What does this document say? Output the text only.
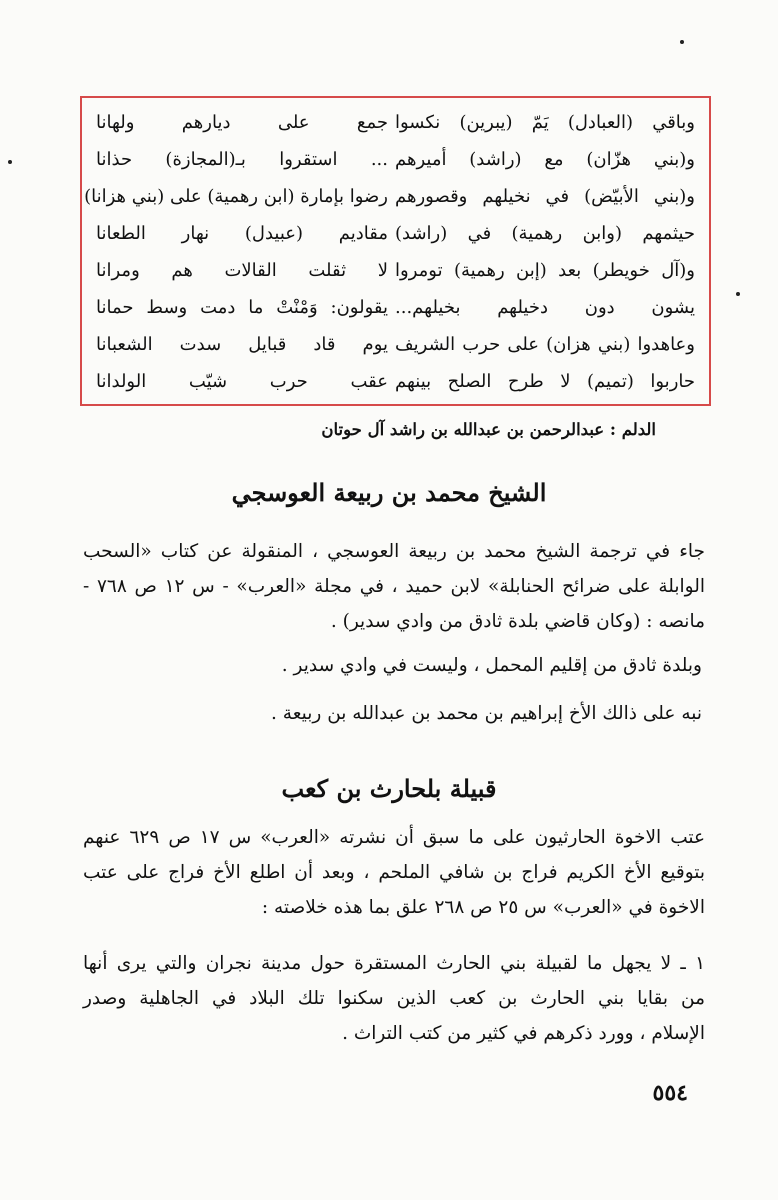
وباقي (العبادل) يَمّ (يبرين) نكسوا
و(بني هزّان) مع (راشد) أميرهم
و(بني الأبيّض) في نخيلهم وقصورهم
حيثمهم (وابن رهمية) في (راشد)
و(آل خويطر) بعد (إبن رهمية) تومروا
يشون دون دخيلهم بخيلهم...
وعاهدوا (بني هزان) على حرب الشريف
حاربوا (تميم) لا طرح الصلح بينهم
جمع على ديارهم ولهانا
... استقروا بـ(المجازة) حذانا
رضوا بإمارة (ابن رهمية) على (بني هزانا)
مقاديم (عبيدل) نهار الطعانا
لا ثقلت القالات هم ومرانا
يقولون: وَمْنْتْ ما دمت وسط حمانا
يوم قاد قبايل سدت الشعبانا
عقب حرب شيّب الولدانا
الدلم : عبدالرحمن بن عبدالله بن راشد آل حوتان
الشيخ محمد بن ربيعة العوسجي
جاء في ترجمة الشيخ محمد بن ربيعة العوسجي ، المنقولة عن كتاب «السحب
الوابلة على ضرائح الحنابلة» لابن حميد ، في مجلة «العرب» - س ١٢ ص ٧٦٨ -
مانصه : (وكان قاضي بلدة ثادق من وادي سدير) .
وبلدة ثادق من إقليم المحمل ، وليست في وادي سدير .
نبه على ذالك الأخ إبراهيم بن محمد بن عبدالله بن ربيعة .
قبيلة بلحارث بن كعب
عتب الاخوة الحارثيون على ما سبق أن نشرته «العرب» س ١٧ ص ٦٢٩ عنهم
بتوقيع الأخ الكريم فراج بن شافي الملحم ، وبعد أن اطلع الأخ فراج على عتب
الاخوة في «العرب» س ٢٥ ص ٢٦٨ علق بما هذه خلاصته :
١ ـ لا يجهل ما لقبيلة بني الحارث المستقرة حول مدينة نجران والتي يرى أنها
من بقايا بني الحارث بن كعب الذين سكنوا تلك البلاد في الجاهلية وصدر
الإسلام ، وورد ذكرهم في كثير من كتب التراث .
٥٥٤
